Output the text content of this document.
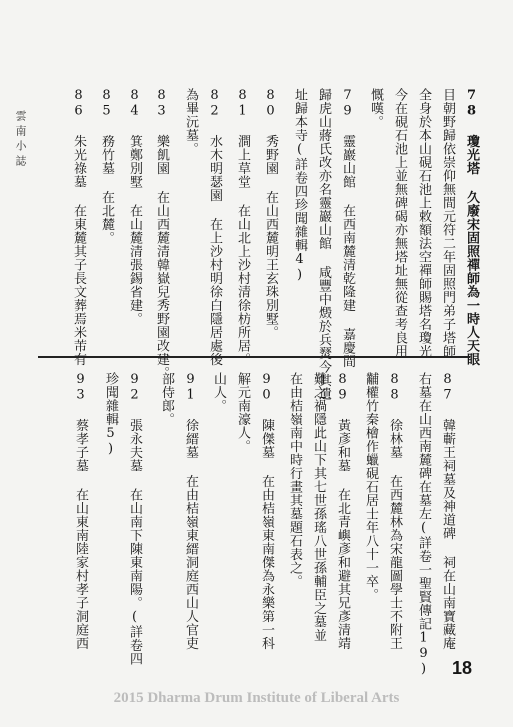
雲南小誌	78 瓊光塔 久廢宋固照禪師為一時人天眼
目朝野歸依崇仰無間元符二年固照門弟子塔師
全身於本山硯石池上敕額法空禪師賜塔名瓊光
今在硯石池上並無碑碣亦無塔址無從查考良用
慨嘆。
79 靈巖山館 在西南麓清乾隆建 嘉慶間
歸虎山蔣氏改亦名靈巖山館 咸豐中燬於兵燹今其遺
址歸本寺(詳卷四珍聞雜輯4)
80 秀野園 在山西麓明王玄珠別墅。
81 澗上草堂 在山北上沙村清徐枋所居。
82 水木明瑟園 在上沙村明徐白隱居處後
為畢沅墓。
83 樂飢園 在山西麓清韓嶽兒秀野園改建。
84 箕鄭別墅 在山麓清張錫省建。
85 務竹墓 在北麓。
86 朱光祿墓 在東麓其子長文葬焉米芾有
87 韓蘄王祠墓及神道碑 祠在山南寶藏庵
右墓在山西南麓碑在墓左(詳卷一聖賢傳記19)
88 徐林墓 在西麓林為宋龍圖學士不附王
黼權竹秦檜作蠟硯石居士年八十一卒。
89 黃彥和墓 在北青嶼彥和避其兄彥清靖
難之禍隱此山下其七世孫瑤八世孫輔臣之墓並
在由桔嶺南中時行畫其墓題石表之。
90 陳傑墓 在由桔嶺東南傑為永樂第一科
解元南濠人。
山人。
91 徐縉墓 在由桔嶺東縉洞庭西山人官吏
部侍郎。
92 張永夫墓 在山南下陳東南陽。(詳卷四
珍聞雜輯5)
93 蔡孝子墓 在山東南陸家村孝子洞庭西
18
2015 Dharma Drum Institute of Liberal Arts
